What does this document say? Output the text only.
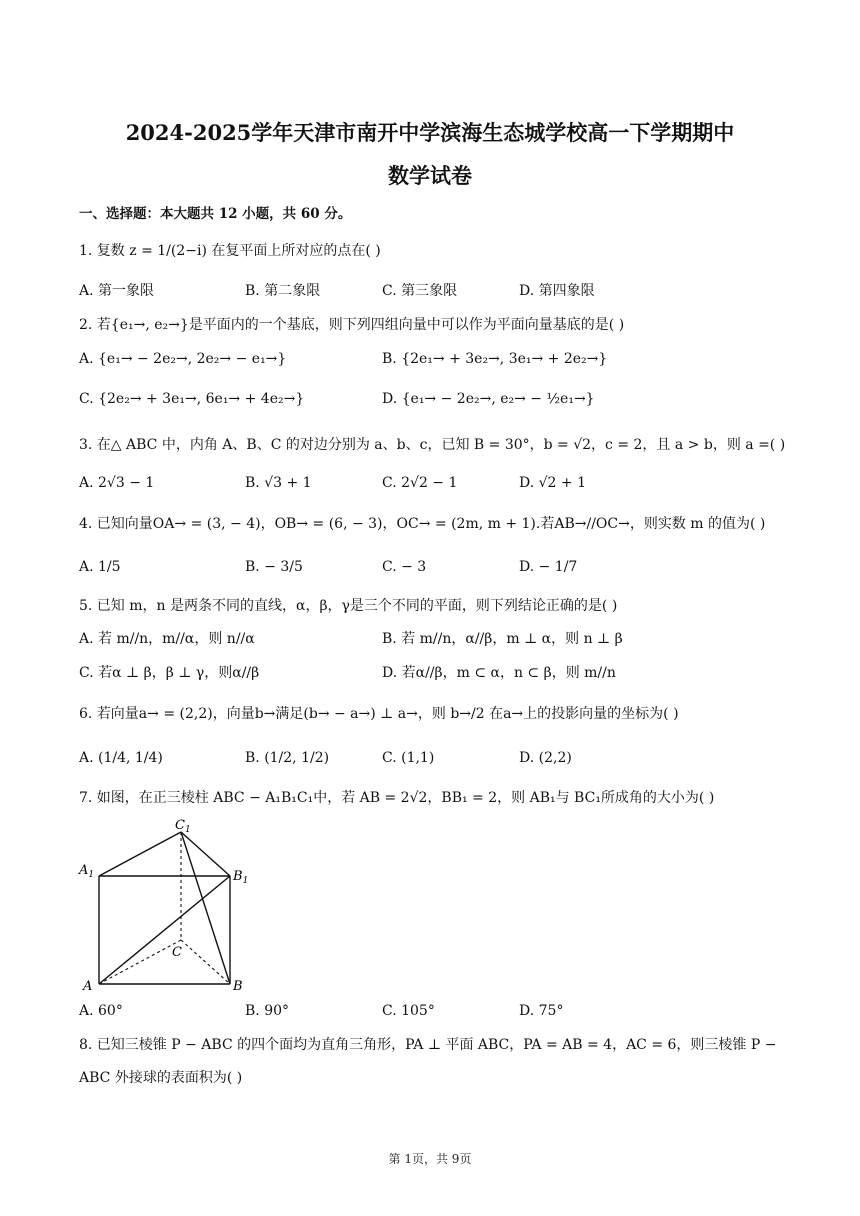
2024-2025学年天津市南开中学滨海生态城学校高一下学期期中
数学试卷
一、选择题：本大题共 12 小题，共 60 分。
1. 复数 z = 1/(2−i) 在复平面上所对应的点在( )
A. 第一象限	B. 第二象限	C. 第三象限	D. 第四象限
2. 若{e₁→, e₂→}是平面内的一个基底，则下列四组向量中可以作为平面向量基底的是( )
A. {e₁→ − 2e₂→, 2e₂→ − e₁→}	B. {2e₁→ + 3e₂→, 3e₁→ + 2e₂→}
C. {2e₂→ + 3e₁→, 6e₁→ + 4e₂→}	D. {e₁→ − 2e₂→, e₂→ − ½e₁→}
3. 在△ ABC 中，内角 A、B、C 的对边分别为 a、b、c，已知 B = 30°，b = √2，c = 2，且 a > b，则 a =( )
A. 2√3 − 1	B. √3 + 1	C. 2√2 − 1	D. √2 + 1
4. 已知向量OA→ = (3, − 4)，OB→ = (6, − 3)，OC→ = (2m, m + 1).若AB→//OC→，则实数 m 的值为( )
A. 1/5	B. − 3/5	C. − 3	D. − 1/7
5. 已知 m，n 是两条不同的直线，α，β，γ是三个不同的平面，则下列结论正确的是( )
A. 若 m//n，m//α，则 n//α	B. 若 m//n，α//β，m ⊥ α，则 n ⊥ β
C. 若α ⊥ β，β ⊥ γ，则α//β	D. 若α//β，m ⊂ α，n ⊂ β，则 m//n
6. 若向量a→ = (2,2)，向量b→满足(b→ − a→) ⊥ a→，则 b→/2 在a→上的投影向量的坐标为( )
A. (1/4, 1/4)	B. (1/2, 1/2)	C. (1,1)	D. (2,2)
7. 如图，在正三棱柱 ABC − A₁B₁C₁中，若 AB = 2√2，BB₁ = 2，则 AB₁与 BC₁所成角的大小为( )
$C_1$
$A_1$	$B_1$
C
A	B
A. 60°	B. 90°	C. 105°	D. 75°
8. 已知三棱锥 P − ABC 的四个面均为直角三角形，PA ⊥ 平面 ABC，PA = AB = 4，AC = 6，则三棱锥 P −
ABC 外接球的表面积为( )
第 1页，共 9页
